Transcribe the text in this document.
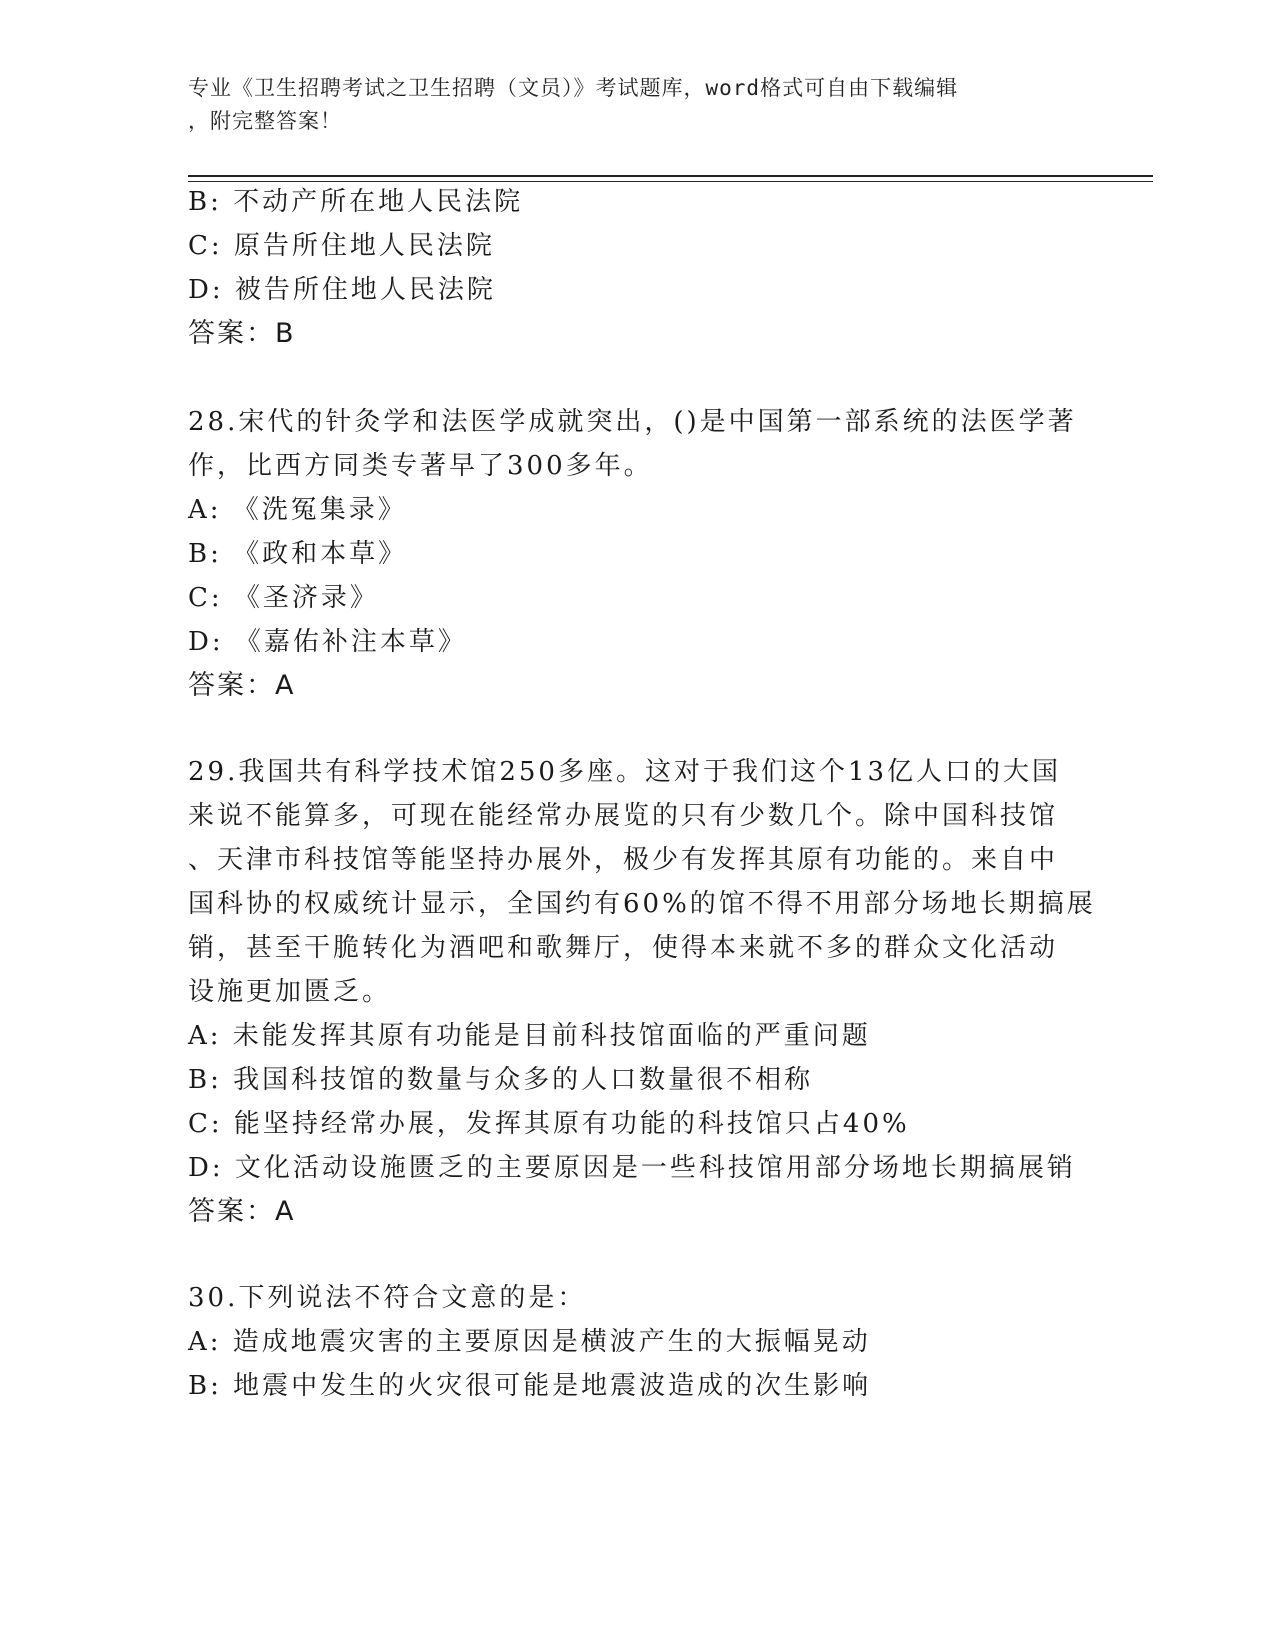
专业《卫生招聘考试之卫生招聘（文员）》考试题库，word格式可自由下载编辑
，附完整答案！
B: 不动产所在地人民法院
C: 原告所住地人民法院
D: 被告所住地人民法院
答案：B
28.宋代的针灸学和法医学成就突出，()是中国第一部系统的法医学著
作，比西方同类专著早了300多年。
A: 《洗冤集录》
B: 《政和本草》
C: 《圣济录》
D: 《嘉佑补注本草》
答案：A
29.我国共有科学技术馆250多座。这对于我们这个13亿人口的大国
来说不能算多，可现在能经常办展览的只有少数几个。除中国科技馆
、天津市科技馆等能坚持办展外，极少有发挥其原有功能的。来自中
国科协的权威统计显示，全国约有60%的馆不得不用部分场地长期搞展
销，甚至干脆转化为酒吧和歌舞厅，使得本来就不多的群众文化活动
设施更加匮乏。
A: 未能发挥其原有功能是目前科技馆面临的严重问题
B: 我国科技馆的数量与众多的人口数量很不相称
C: 能坚持经常办展，发挥其原有功能的科技馆只占40%
D: 文化活动设施匮乏的主要原因是一些科技馆用部分场地长期搞展销
答案：A
30.下列说法不符合文意的是：
A: 造成地震灾害的主要原因是横波产生的大振幅晃动
B: 地震中发生的火灾很可能是地震波造成的次生影响
